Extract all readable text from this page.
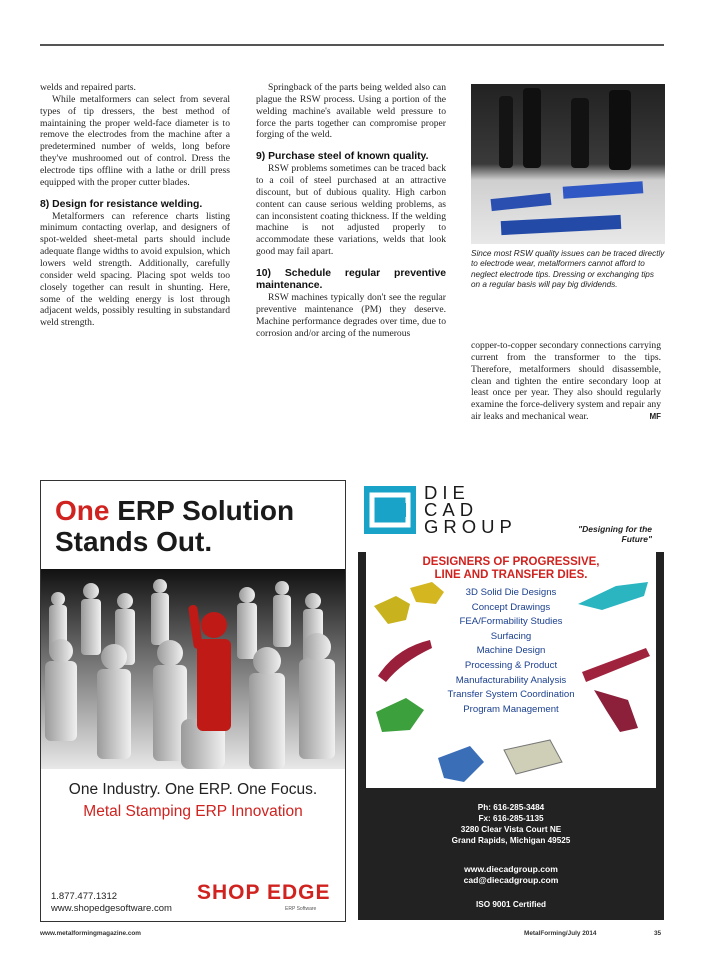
welds and repaired parts.

While metalformers can select from several types of tip dressers, the best method of maintaining the proper weld-face diameter is to remove the electrodes from the machine after a predetermined number of welds, long before they've mushroomed out of control. Dress the electrode tips offline with a lathe or drill press equipped with the proper cutter blades.

8) Design for resistance welding.

Metalformers can reference charts listing minimum contacting overlap, and designers of spot-welded sheet-metal parts should include adequate flange widths to avoid expulsion, which lowers weld strength. Additionally, carefully consider weld spacing. Placing spot welds too closely together can result in shunting. Here, some of the welding energy is lost through adjacent welds, possibly resulting in substandard weld strength.

Springback of the parts being welded also can plague the RSW process. Using a portion of the welding machine's available weld pressure to force the parts together can compromise proper forging of the weld.

9) Purchase steel of known quality.

RSW problems sometimes can be traced back to a coil of steel purchased at an attractive discount, but of dubious quality. High carbon content can cause serious welding problems, as can inconsistent coating thickness. If the welding machine is not adjusted properly to accommodate these variations, welds that look good may fail apart.

10) Schedule regular preventive maintenance.

RSW machines typically don't see the regular preventive maintenance (PM) they deserve. Machine performance degrades over time, due to corrosion and/or arcing of the numerous

Since most RSW quality issues can be traced directly to electrode wear, metalformers cannot afford to neglect electrode tips. Dressing or exchanging tips on a regular basis will pay big dividends.

copper-to-copper secondary connections carrying current from the transformer to the tips. Therefore, metalformers should disassemble, clean and tighten the entire secondary loop at least once per year. They also should regularly examine the force-delivery system and repair any air leaks and mechanical wear.	MF

One ERP Solution
Stands Out.
One Industry. One ERP. One Focus.
Metal Stamping ERP Innovation
1.877.477.1312
www.shopedgesoftware.com
SHOP EDGE
ERP Software
DIE
CAD
GROUP	"Designing for the Future"
DESIGNERS OF PROGRESSIVE,
LINE AND TRANSFER DIES.
3D Solid Die Designs
Concept Drawings
FEA/Formability Studies
Surfacing
Machine Design
Processing & Product
Manufacturability Analysis
Transfer System Coordination
Program Management
Ph: 616-285-3484
Fx: 616-285-1135
3280 Clear Vista Court NE
Grand Rapids, Michigan 49525
www.diecadgroup.com
cad@diecadgroup.com
ISO 9001 Certified
www.metalformingmagazine.com	MetalForming/July 2014	35
